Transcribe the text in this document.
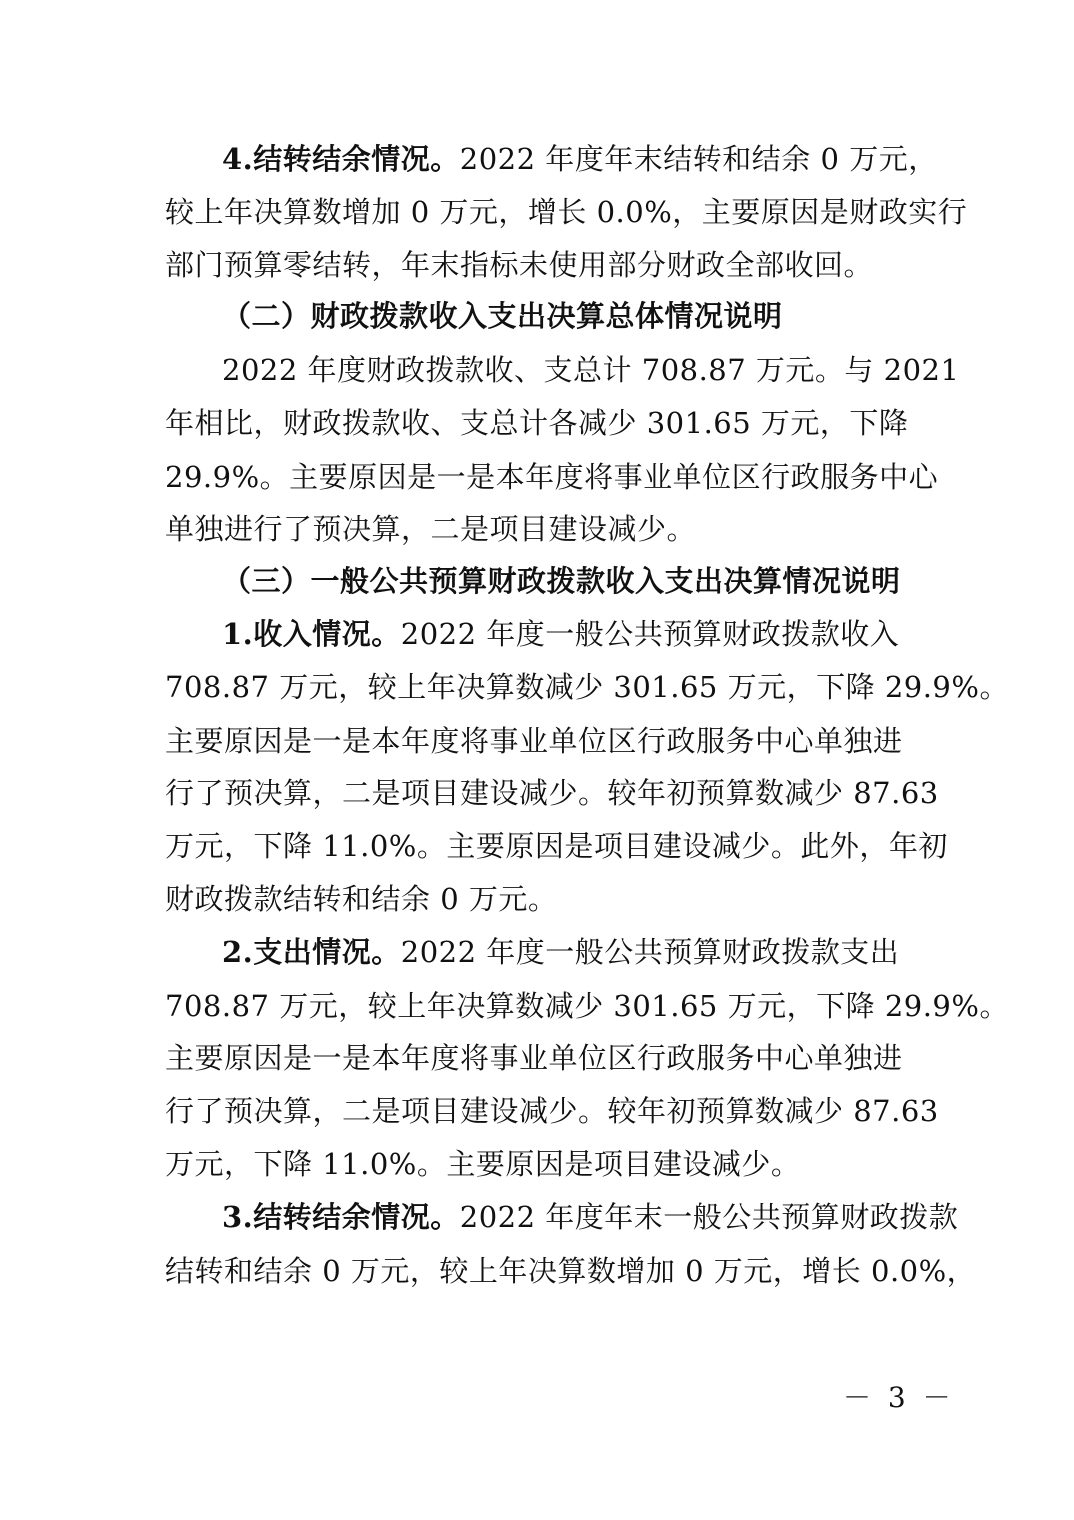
4.结转结余情况。2022 年度年末结转和结余 0 万元，
较上年决算数增加 0 万元，增长 0.0%，主要原因是财政实行
部门预算零结转，年末指标未使用部分财政全部收回。
（二）财政拨款收入支出决算总体情况说明
2022 年度财政拨款收、支总计 708.87 万元。与 2021
年相比，财政拨款收、支总计各减少 301.65 万元，下降
29.9%。主要原因是一是本年度将事业单位区行政服务中心
单独进行了预决算，二是项目建设减少。
（三）一般公共预算财政拨款收入支出决算情况说明
1.收入情况。2022 年度一般公共预算财政拨款收入
708.87 万元，较上年决算数减少 301.65 万元，下降 29.9%。
主要原因是一是本年度将事业单位区行政服务中心单独进
行了预决算，二是项目建设减少。较年初预算数减少 87.63
万元，下降 11.0%。主要原因是项目建设减少。此外，年初
财政拨款结转和结余 0 万元。
2.支出情况。2022 年度一般公共预算财政拨款支出
708.87 万元，较上年决算数减少 301.65 万元，下降 29.9%。
主要原因是一是本年度将事业单位区行政服务中心单独进
行了预决算，二是项目建设减少。较年初预算数减少 87.63
万元，下降 11.0%。主要原因是项目建设减少。
3.结转结余情况。2022 年度年末一般公共预算财政拨款
结转和结余 0 万元，较上年决算数增加 0 万元，增长 0.0%，
－ 3 －
